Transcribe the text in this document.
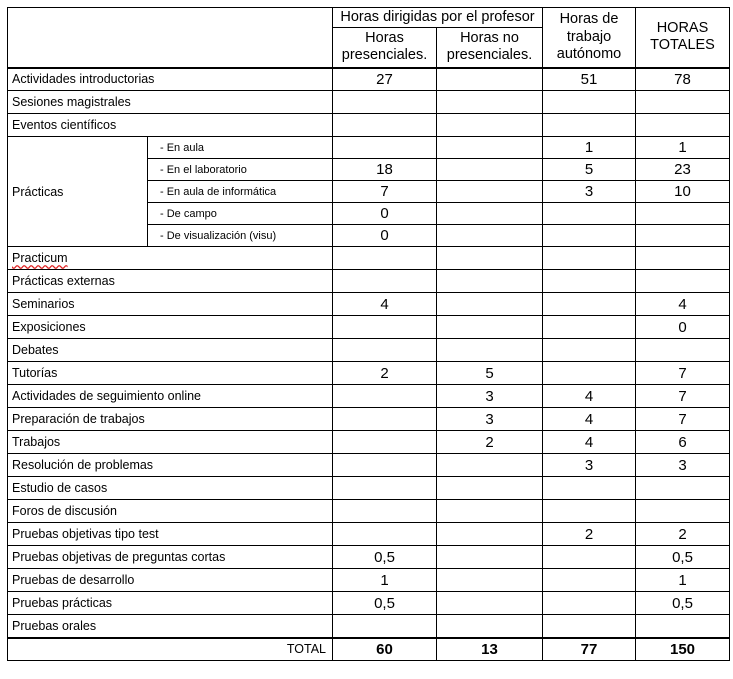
		Horas dirigidas por el profesor		Horas de trabajo autónomo	HORAS TOTALES
		Horas presenciales.	Horas no presenciales.		
Actividades introductorias		27		51	78
Sesiones magistrales					
Eventos científicos					
Prácticas	- En aula			1	1
	- En el laboratorio	18		5	23
	- En aula de informática	7		3	10
	- De campo	0			
	- De visualización (visu)	0			
Practicum					
Prácticas externas					
Seminarios		4			4
Exposiciones					0
Debates					
Tutorías		2	5		7
Actividades de seguimiento online			3	4	7
Preparación de trabajos			3	4	7
Trabajos			2	4	6
Resolución de problemas				3	3
Estudio de casos					
Foros de discusión					
Pruebas objetivas tipo test				2	2
Pruebas objetivas de preguntas cortas		0,5			0,5
Pruebas de desarrollo		1			1
Pruebas prácticas		0,5			0,5
Pruebas orales					
TOTAL		60	13	77	150
